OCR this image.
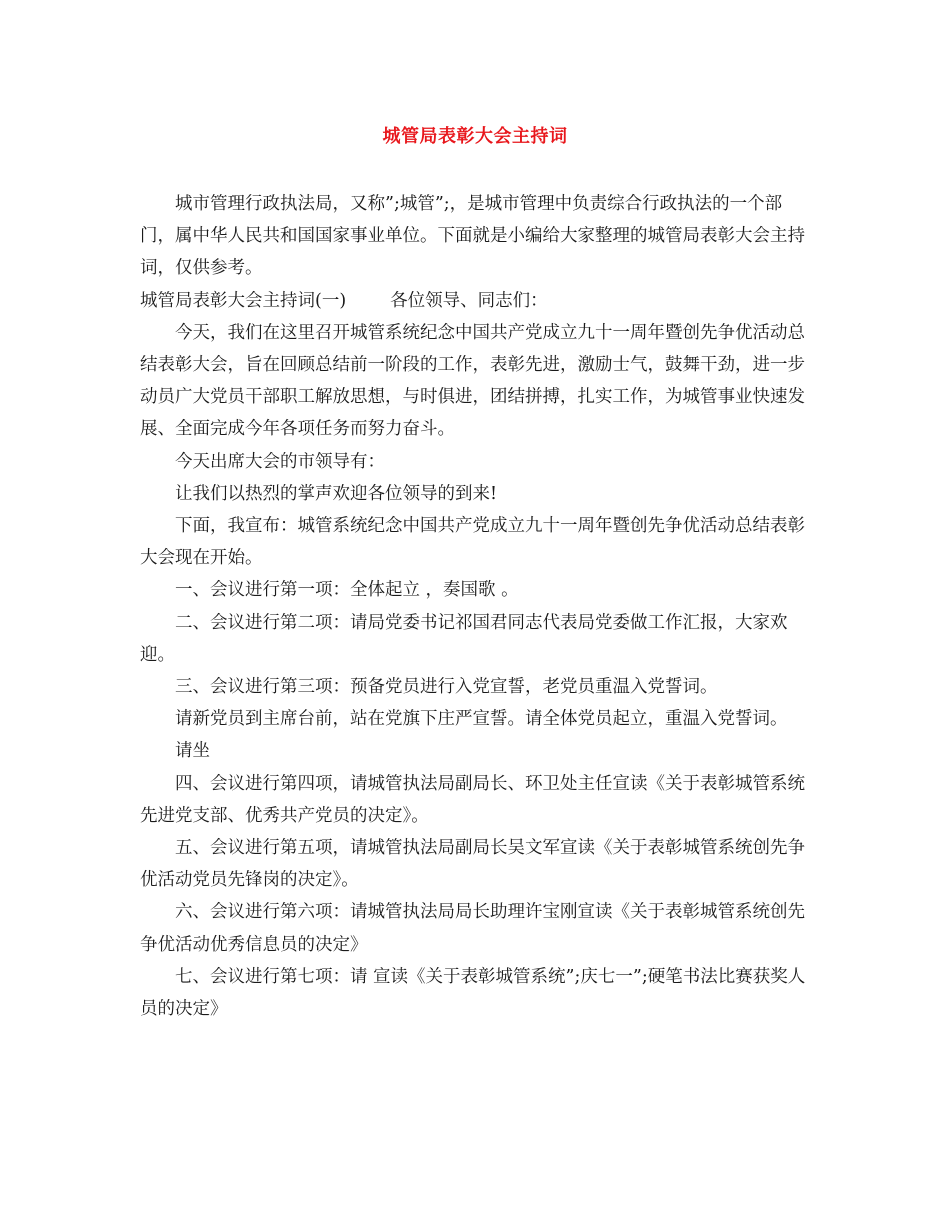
城管局表彰大会主持词

城市管理行政执法局，又称”;城管”;，是城市管理中负责综合行政执法的一个部门，属中华人民共和国国家事业单位。下面就是小编给大家整理的城管局表彰大会主持词，仅供参考。

城管局表彰大会主持词(一)	各位领导、同志们：

今天，我们在这里召开城管系统纪念中国共产党成立九十一周年暨创先争优活动总结表彰大会，旨在回顾总结前一阶段的工作，表彰先进，激励士气，鼓舞干劲，进一步动员广大党员干部职工解放思想，与时俱进，团结拼搏，扎实工作，为城管事业快速发展、全面完成今年各项任务而努力奋斗。

今天出席大会的市领导有：

让我们以热烈的掌声欢迎各位领导的到来!

下面，我宣布：城管系统纪念中国共产党成立九十一周年暨创先争优活动总结表彰大会现在开始。

一、会议进行第一项：全体起立 ，奏国歌 。

二、会议进行第二项：请局党委书记祁国君同志代表局党委做工作汇报，大家欢迎。

三、会议进行第三项：预备党员进行入党宣誓，老党员重温入党誓词。

请新党员到主席台前，站在党旗下庄严宣誓。请全体党员起立，重温入党誓词。

请坐

四、会议进行第四项，请城管执法局副局长、环卫处主任宣读《关于表彰城管系统先进党支部、优秀共产党员的决定》。

五、会议进行第五项，请城管执法局副局长吴文军宣读《关于表彰城管系统创先争优活动党员先锋岗的决定》。

六、会议进行第六项：请城管执法局局长助理许宝刚宣读《关于表彰城管系统创先争优活动优秀信息员的决定》

七、会议进行第七项：请 宣读《关于表彰城管系统”;庆七一”;硬笔书法比赛获奖人员的决定》
